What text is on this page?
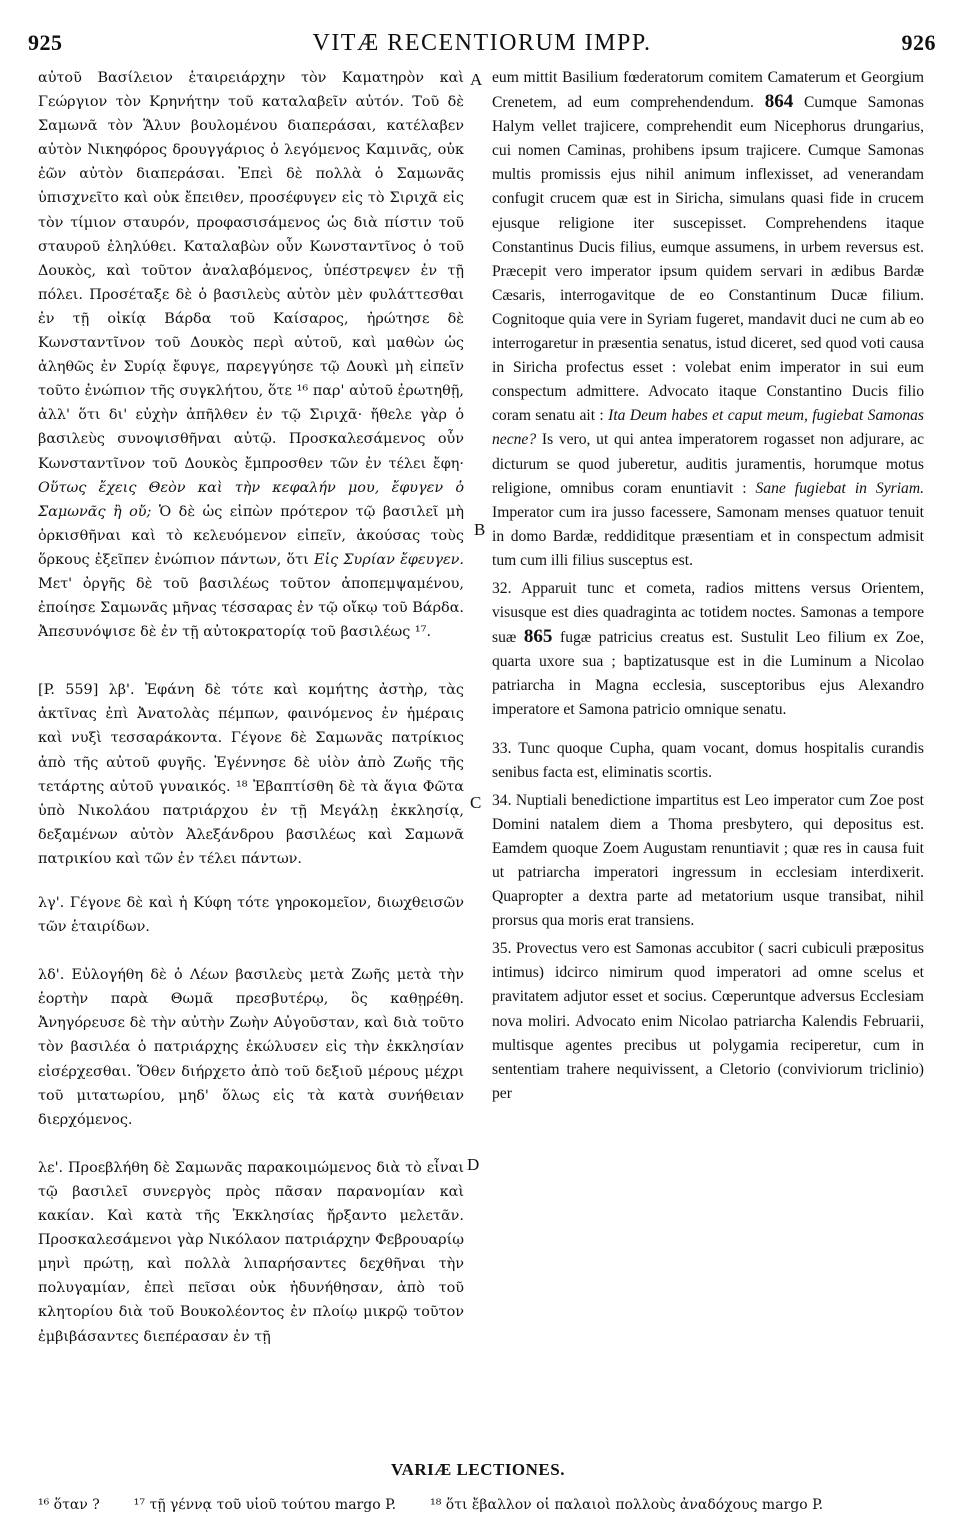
925	VITÆ RECENTIORUM IMPP.	926
A
B
C
D

αὐτοῦ Βασίλειον ἑταιρειάρχην τὸν Καματηρὸν καὶ Γεώργιον τὸν Κρηνήτην τοῦ καταλαβεῖν αὐτόν. Τοῦ δὲ Σαμωνᾶ τὸν Ἅλυν βουλομένου διαπεράσαι, κατέλαβεν αὐτὸν Νικηφόρος δρουγγάριος ὁ λεγόμενος Καμινᾶς, οὐκ ἐῶν αὐτὸν διαπεράσαι. Ἐπεὶ δὲ πολλὰ ὁ Σαμωνᾶς ὑπισχνεῖτο καὶ οὐκ ἔπειθεν, προσέφυγεν εἰς τὸ Σιριχᾶ εἰς τὸν τίμιον σταυρόν, προφασισάμενος ὡς διὰ πίστιν τοῦ σταυροῦ ἐληλύθει. Καταλαβὼν οὖν Κωνσταντῖνος ὁ τοῦ Δουκὸς, καὶ τοῦτον ἀναλαβόμενος, ὑπέστρεψεν ἐν τῇ πόλει. Προσέταξε δὲ ὁ βασιλεὺς αὐτὸν μὲν φυλάττεσθαι ἐν τῇ οἰκίᾳ Βάρδα τοῦ Καίσαρος, ἠρώτησε δὲ Κωνσταντῖνον τοῦ Δουκὸς περὶ αὐτοῦ, καὶ μαθὼν ὡς ἀληθῶς ἐν Συρίᾳ ἔφυγε, παρεγγύησε τῷ Δουκὶ μὴ εἰπεῖν τοῦτο ἐνώπιον τῆς συγκλήτου, ὅτε ¹⁶ παρ' αὐτοῦ ἐρωτηθῇ, ἀλλ' ὅτι δι' εὐχὴν ἀπῆλθεν ἐν τῷ Σιριχᾶ· ἤθελε γὰρ ὁ βασιλεὺς συνοψισθῆναι αὐτῷ. Προσκαλεσάμενος οὖν Κωνσταντῖνον τοῦ Δουκὸς ἔμπροσθεν τῶν ἐν τέλει ἔφη· Οὕτως ἔχεις Θεὸν καὶ τὴν κεφαλήν μου, ἔφυγεν ὁ Σαμωνᾶς ἢ οὔ; Ὁ δὲ ὡς εἰπὼν πρότερον τῷ βασιλεῖ μὴ ὁρκισθῆναι καὶ τὸ κελευόμενον εἰπεῖν, ἀκούσας τοὺς ὅρκους ἐξεῖπεν ἐνώπιον πάντων, ὅτι Εἰς Συρίαν ἔφευγεν. Μετ' ὀργῆς δὲ τοῦ βασιλέως τοῦτον ἀποπεμψαμένου, ἐποίησε Σαμωνᾶς μῆνας τέσσαρας ἐν τῷ οἴκῳ τοῦ Βάρδα. Ἀπεσυνόψισε δὲ ἐν τῇ αὐτοκρατορίᾳ τοῦ βασιλέως ¹⁷.

[P. 559] λβ'. Ἐφάνη δὲ τότε καὶ κομήτης ἀστὴρ, τὰς ἀκτῖνας ἐπὶ Ἀνατολὰς πέμπων, φαινόμενος ἐν ἡμέραις καὶ νυξὶ τεσσαράκοντα. Γέγονε δὲ Σαμωνᾶς πατρίκιος ἀπὸ τῆς αὐτοῦ φυγῆς. Ἐγέννησε δὲ υἱὸν ἀπὸ Ζωῆς τῆς τετάρτης αὐτοῦ γυναικός. ¹⁸ Ἐβαπτίσθη δὲ τὰ ἅγια Φῶτα ὑπὸ Νικολάου πατριάρχου ἐν τῇ Μεγάλῃ ἐκκλησίᾳ, δεξαμένων αὐτὸν Ἀλεξάνδρου βασιλέως καὶ Σαμωνᾶ πατρικίου καὶ τῶν ἐν τέλει πάντων.

λγ'. Γέγονε δὲ καὶ ἡ Κύφη τότε γηροκομεῖον, διωχθεισῶν τῶν ἑταιρίδων.

λδ'. Εὐλογήθη δὲ ὁ Λέων βασιλεὺς μετὰ Ζωῆς μετὰ τὴν ἑορτὴν παρὰ Θωμᾶ πρεσβυτέρῳ, ὃς καθῃρέθη. Ἀνηγόρευσε δὲ τὴν αὐτὴν Ζωὴν Αὐγοῦσταν, καὶ διὰ τοῦτο τὸν βασιλέα ὁ πατριάρχης ἐκώλυσεν εἰς τὴν ἐκκλησίαν εἰσέρχεσθαι. Ὅθεν διήρχετο ἀπὸ τοῦ δεξιοῦ μέρους μέχρι τοῦ μιτατωρίου, μηδ' ὅλως εἰς τὰ κατὰ συνήθειαν διερχόμενος.

λε'. Προεβλήθη δὲ Σαμωνᾶς παρακοιμώμενος διὰ τὸ εἶναι τῷ βασιλεῖ συνεργὸς πρὸς πᾶσαν παρανομίαν καὶ κακίαν. Καὶ κατὰ τῆς Ἐκκλησίας ἤρξαντο μελετᾶν. Προσκαλεσάμενοι γὰρ Νικόλαον πατριάρχην Φεβρουαρίῳ μηνὶ πρώτῃ, καὶ πολλὰ λιπαρήσαντες δεχθῆναι τὴν πολυγαμίαν, ἐπεὶ πεῖσαι οὐκ ἠδυνήθησαν, ἀπὸ τοῦ κλητορίου διὰ τοῦ Βουκολέοντος ἐν πλοίῳ μικρῷ τοῦτον ἐμβιβάσαντες διεπέρασαν ἐν τῇ

eum mittit Basilium fœderatorum comitem Camaterum et Georgium Crenetem, ad eum comprehendendum. 864 Cumque Samonas Halym vellet trajicere, comprehendit eum Nicephorus drungarius, cui nomen Caminas, prohibens ipsum trajicere. Cumque Samonas multis promissis ejus nihil animum inflexisset, ad venerandam confugit crucem quæ est in Siricha, simulans quasi fide in crucem ejusque religione iter suscepisset. Comprehendens itaque Constantinus Ducis filius, eumque assumens, in urbem reversus est. Præcepit vero imperator ipsum quidem servari in ædibus Bardæ Cæsaris, interrogavitque de eo Constantinum Ducæ filium. Cognitoque quia vere in Syriam fugeret, mandavit duci ne cum ab eo interrogaretur in præsentia senatus, istud diceret, sed quod voti causa in Siricha profectus esset : volebat enim imperator in sui eum conspectum admittere. Advocato itaque Constantino Ducis filio coram senatu ait : Ita Deum habes et caput meum, fugiebat Samonas necne? Is vero, ut qui antea imperatorem rogasset non adjurare, ac dicturum se quod juberetur, auditis juramentis, horumque motus religione, omnibus coram enuntiavit : Sane fugiebat in Syriam. Imperator cum ira jusso facessere, Samonam menses quatuor tenuit in domo Bardæ, reddiditque præsentiam et in conspectum admisit tum cum illi filius susceptus est.

32. Apparuit tunc et cometa, radios mittens versus Orientem, visusque est dies quadraginta ac totidem noctes. Samonas a tempore suæ 865 fugæ patricius creatus est. Sustulit Leo filium ex Zoe, quarta uxore sua ; baptizatusque est in die Luminum a Nicolao patriarcha in Magna ecclesia, susceptoribus ejus Alexandro imperatore et Samona patricio omnique senatu.

33. Tunc quoque Cupha, quam vocant, domus hospitalis curandis senibus facta est, eliminatis scortis.

34. Nuptiali benedictione impartitus est Leo imperator cum Zoe post Domini natalem diem a Thoma presbytero, qui depositus est. Eamdem quoque Zoem Augustam renuntiavit ; quæ res in causa fuit ut patriarcha imperatori ingressum in ecclesiam interdixerit. Quapropter a dextra parte ad metatorium usque transibat, nihil prorsus qua moris erat transiens.

35. Provectus vero est Samonas accubitor ( sacri cubiculi præpositus intimus) idcirco nimirum quod imperatori ad omne scelus et pravitatem adjutor esset et socius. Cœperuntque adversus Ecclesiam nova moliri. Advocato enim Nicolao patriarcha Kalendis Februarii, multisque agentes precibus ut polygamia reciperetur, cum in sententiam trahere nequivissent, a Cletorio (conviviorum triclinio) per

VARIÆ LECTIONES.
¹⁶ ὅταν ? ¹⁷ τῇ γέννᾳ τοῦ υἱοῦ τούτου margo P. ¹⁸ ὅτι ἔβαλλον οἱ παλαιοὶ πολλοὺς ἀναδόχους margo P.
